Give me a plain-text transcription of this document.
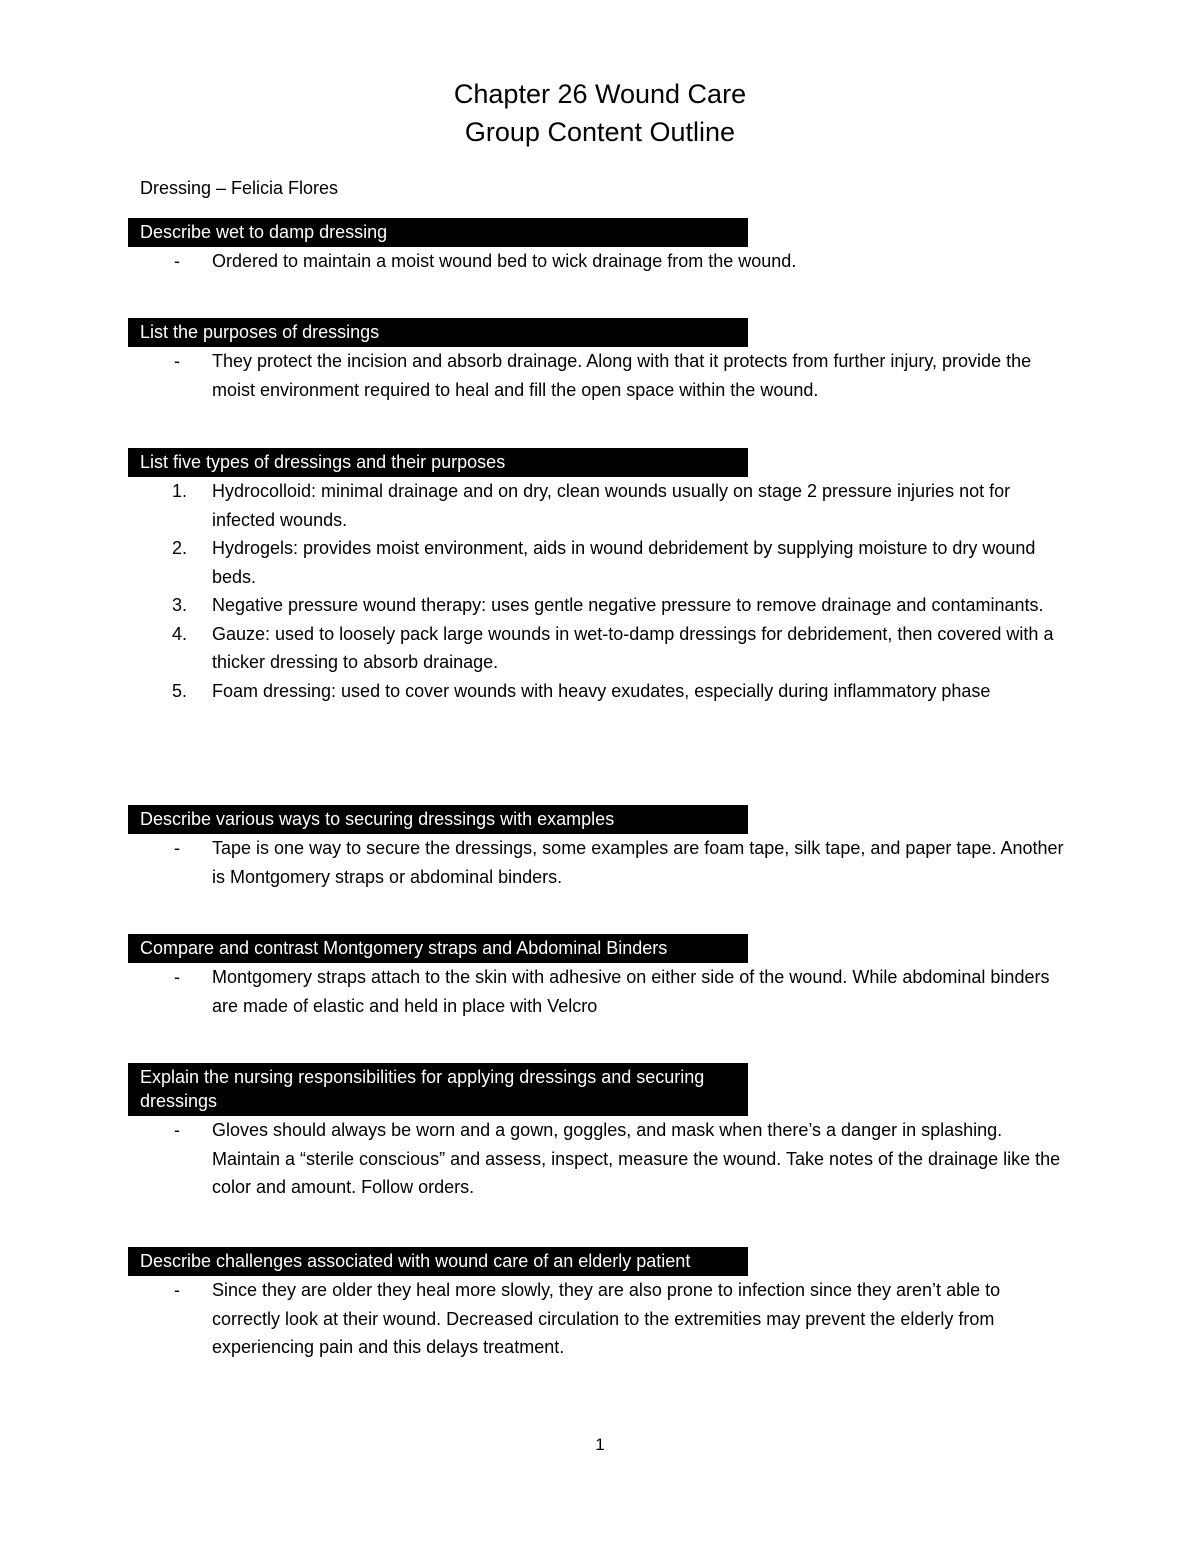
Chapter 26 Wound Care
Group Content Outline
Dressing – Felicia Flores
Describe wet to damp dressing
- Ordered to maintain a moist wound bed to wick drainage from the wound.
List the purposes of dressings
- They protect the incision and absorb drainage. Along with that it protects from further injury, provide the moist environment required to heal and fill the open space within the wound.
List five types of dressings and their purposes
1. Hydrocolloid: minimal drainage and on dry, clean wounds usually on stage 2 pressure injuries not for infected wounds.
2. Hydrogels: provides moist environment, aids in wound debridement by supplying moisture to dry wound beds.
3. Negative pressure wound therapy: uses gentle negative pressure to remove drainage and contaminants.
4. Gauze: used to loosely pack large wounds in wet-to-damp dressings for debridement, then covered with a thicker dressing to absorb drainage.
5. Foam dressing: used to cover wounds with heavy exudates, especially during inflammatory phase
Describe various ways to securing dressings with examples
- Tape is one way to secure the dressings, some examples are foam tape, silk tape, and paper tape. Another is Montgomery straps or abdominal binders.
Compare and contrast Montgomery straps and Abdominal Binders
- Montgomery straps attach to the skin with adhesive on either side of the wound. While abdominal binders are made of elastic and held in place with Velcro
Explain the nursing responsibilities for applying dressings and securing dressings
- Gloves should always be worn and a gown, goggles, and mask when there’s a danger in splashing. Maintain a “sterile conscious” and assess, inspect, measure the wound. Take notes of the drainage like the color and amount. Follow orders.
Describe challenges associated with wound care of an elderly patient
- Since they are older they heal more slowly, they are also prone to infection since they aren’t able to correctly look at their wound. Decreased circulation to the extremities may prevent the elderly from experiencing pain and this delays treatment.
1
